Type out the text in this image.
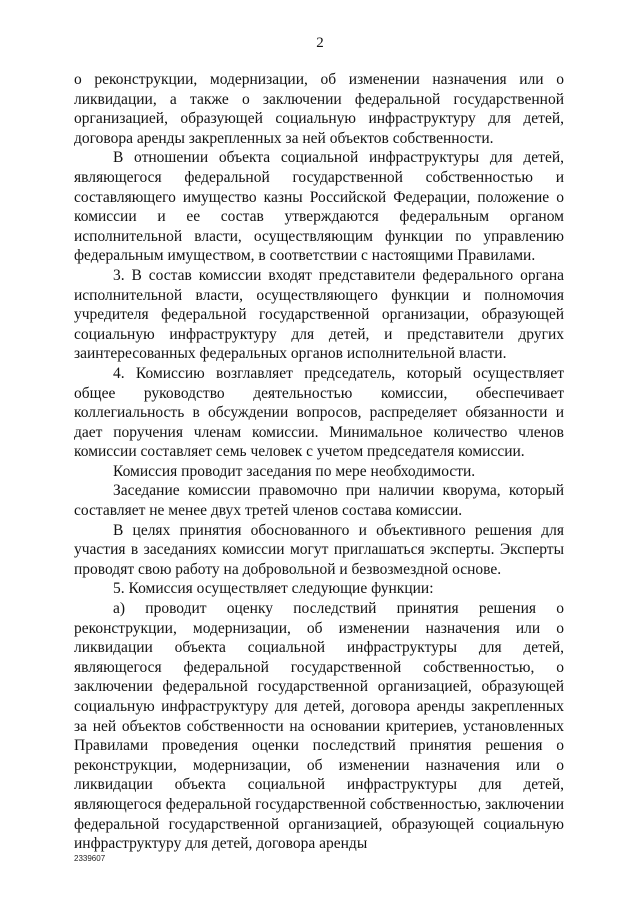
2

о реконструкции, модернизации, об изменении назначения или о ликвидации, а также о заключении федеральной государственной организацией, образующей социальную инфраструктуру для детей, договора аренды закрепленных за ней объектов собственности.

В отношении объекта социальной инфраструктуры для детей, являющегося федеральной государственной собственностью и составляющего имущество казны Российской Федерации, положение о комиссии и ее состав утверждаются федеральным органом исполнительной власти, осуществляющим функции по управлению федеральным имуществом, в соответствии с настоящими Правилами.

3. В состав комиссии входят представители федерального органа исполнительной власти, осуществляющего функции и полномочия учредителя федеральной государственной организации, образующей социальную инфраструктуру для детей, и представители других заинтересованных федеральных органов исполнительной власти.

4. Комиссию возглавляет председатель, который осуществляет общее руководство деятельностью комиссии, обеспечивает коллегиальность в обсуждении вопросов, распределяет обязанности и дает поручения членам комиссии. Минимальное количество членов комиссии составляет семь человек с учетом председателя комиссии.

Комиссия проводит заседания по мере необходимости.

Заседание комиссии правомочно при наличии кворума, который составляет не менее двух третей членов состава комиссии.

В целях принятия обоснованного и объективного решения для участия в заседаниях комиссии могут приглашаться эксперты. Эксперты проводят свою работу на добровольной и безвозмездной основе.

5. Комиссия осуществляет следующие функции:

а) проводит оценку последствий принятия решения о реконструкции, модернизации, об изменении назначения или о ликвидации объекта социальной инфраструктуры для детей, являющегося федеральной государственной собственностью, о заключении федеральной государственной организацией, образующей социальную инфраструктуру для детей, договора аренды закрепленных за ней объектов собственности на основании критериев, установленных Правилами проведения оценки последствий принятия решения о реконструкции, модернизации, об изменении назначения или о ликвидации объекта социальной инфраструктуры для детей, являющегося федеральной государственной собственностью, заключении федеральной государственной организацией, образующей социальную инфраструктуру для детей, договора аренды

2339607
